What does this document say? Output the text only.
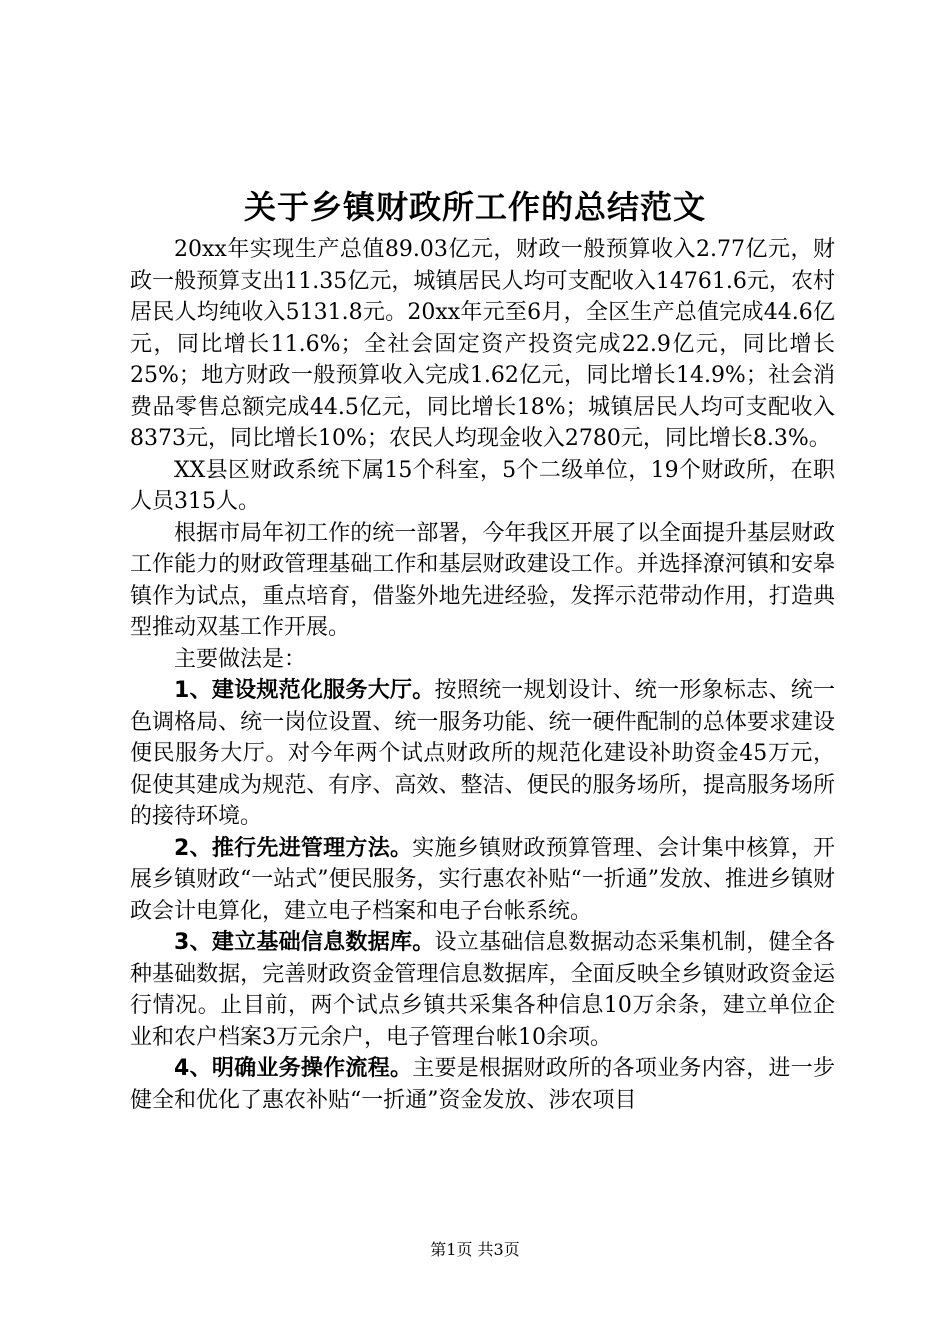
关于乡镇财政所工作的总结范文

20xx年实现生产总值89.03亿元，财政一般预算收入2.77亿元，财政一般预算支出11.35亿元，城镇居民人均可支配收入14761.6元，农村居民人均纯收入5131.8元。20xx年元至6月，全区生产总值完成44.6亿元，同比增长11.6%；全社会固定资产投资完成22.9亿元，同比增长25%；地方财政一般预算收入完成1.62亿元，同比增长14.9%；社会消费品零售总额完成44.5亿元，同比增长18%；城镇居民人均可支配收入8373元，同比增长10%；农民人均现金收入2780元，同比增长8.3%。

XX县区财政系统下属15个科室，5个二级单位，19个财政所，在职人员315人。

根据市局年初工作的统一部署，今年我区开展了以全面提升基层财政工作能力的财政管理基础工作和基层财政建设工作。并选择潦河镇和安皋镇作为试点，重点培育，借鉴外地先进经验，发挥示范带动作用，打造典型推动双基工作开展。

主要做法是：

1、建设规范化服务大厅。按照统一规划设计、统一形象标志、统一色调格局、统一岗位设置、统一服务功能、统一硬件配制的总体要求建设便民服务大厅。对今年两个试点财政所的规范化建设补助资金45万元，促使其建成为规范、有序、高效、整洁、便民的服务场所，提高服务场所的接待环境。

2、推行先进管理方法。实施乡镇财政预算管理、会计集中核算，开展乡镇财政“一站式”便民服务，实行惠农补贴“一折通”发放、推进乡镇财政会计电算化，建立电子档案和电子台帐系统。

3、建立基础信息数据库。设立基础信息数据动态采集机制，健全各种基础数据，完善财政资金管理信息数据库，全面反映全乡镇财政资金运行情况。止目前，两个试点乡镇共采集各种信息10万余条，建立单位企业和农户档案3万元余户，电子管理台帐10余项。

4、明确业务操作流程。主要是根据财政所的各项业务内容，进一步健全和优化了惠农补贴“一折通”资金发放、涉农项目

第1页 共3页
